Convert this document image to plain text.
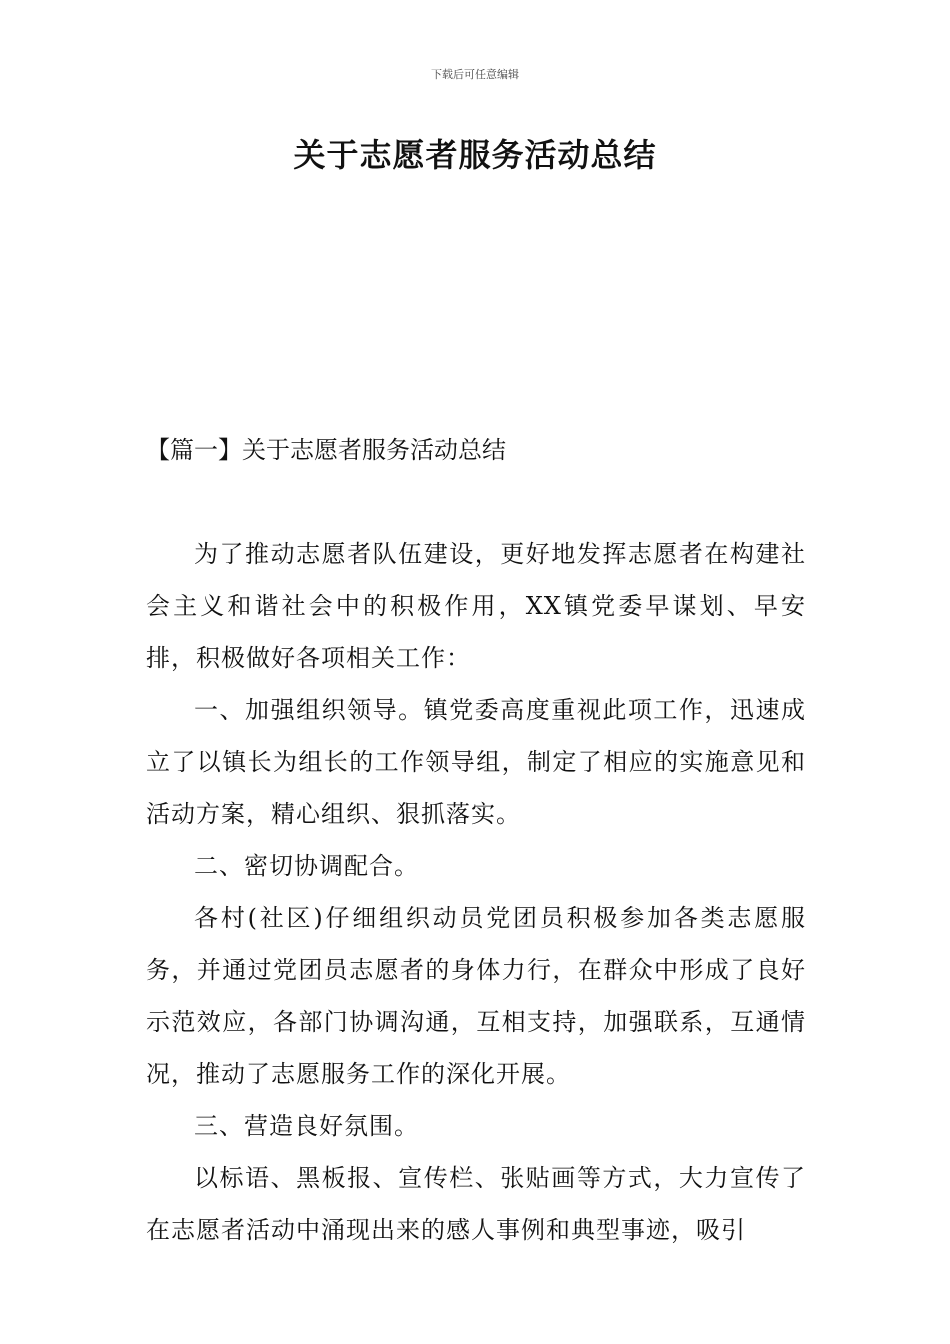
下载后可任意编辑
关于志愿者服务活动总结
【篇一】关于志愿者服务活动总结

为了推动志愿者队伍建设，更好地发挥志愿者在构建社会主义和谐社会中的积极作用，XX镇党委早谋划、早安排，积极做好各项相关工作：

一、加强组织领导。镇党委高度重视此项工作，迅速成立了以镇长为组长的工作领导组，制定了相应的实施意见和活动方案，精心组织、狠抓落实。

二、密切协调配合。

各村(社区)仔细组织动员党团员积极参加各类志愿服务，并通过党团员志愿者的身体力行，在群众中形成了良好示范效应，各部门协调沟通，互相支持，加强联系，互通情况，推动了志愿服务工作的深化开展。

三、营造良好氛围。

以标语、黑板报、宣传栏、张贴画等方式，大力宣传了在志愿者活动中涌现出来的感人事例和典型事迹，吸引
